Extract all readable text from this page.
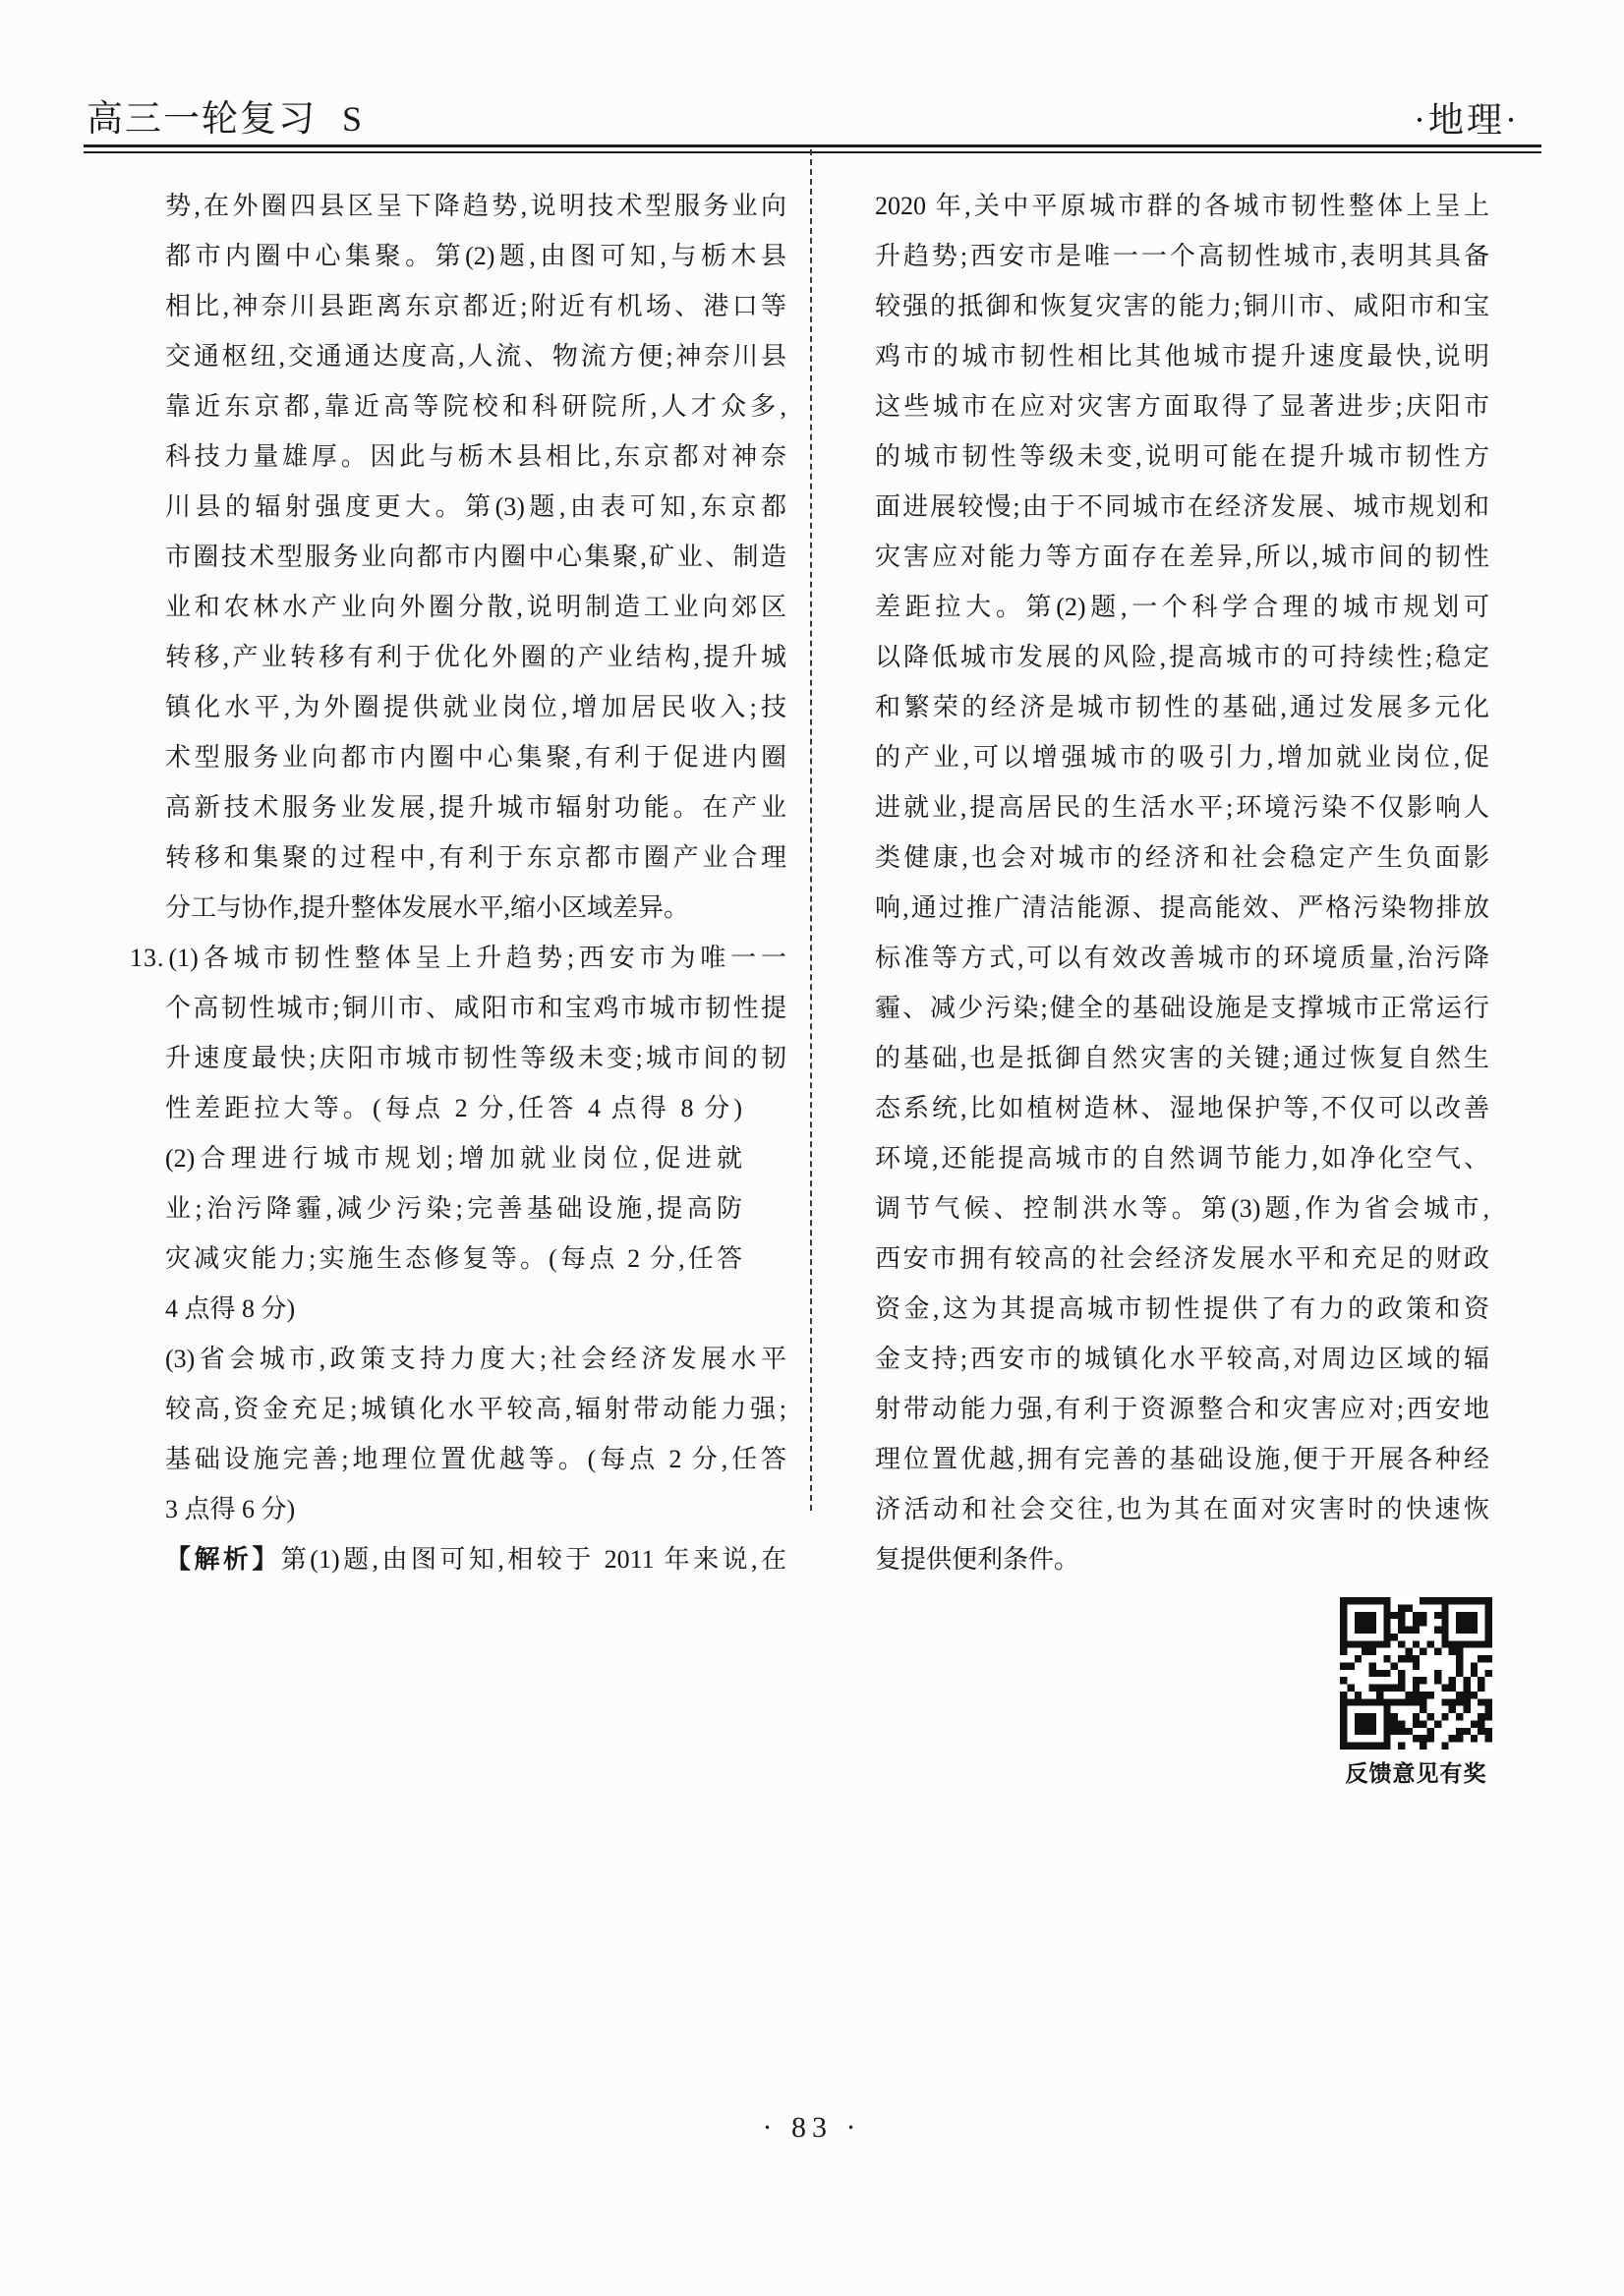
高三一轮复习 S	·地理·
势,在外圈四县区呈下降趋势,说明技术型服务业向
都市内圈中心集聚。第(2)题,由图可知,与栃木县
相比,神奈川县距离东京都近;附近有机场、港口等
交通枢纽,交通通达度高,人流、物流方便;神奈川县
靠近东京都,靠近高等院校和科研院所,人才众多,
科技力量雄厚。因此与栃木县相比,东京都对神奈
川县的辐射强度更大。第(3)题,由表可知,东京都
市圈技术型服务业向都市内圈中心集聚,矿业、制造
业和农林水产业向外圈分散,说明制造工业向郊区
转移,产业转移有利于优化外圈的产业结构,提升城
镇化水平,为外圈提供就业岗位,增加居民收入;技
术型服务业向都市内圈中心集聚,有利于促进内圈
高新技术服务业发展,提升城市辐射功能。在产业
转移和集聚的过程中,有利于东京都市圈产业合理
分工与协作,提升整体发展水平,缩小区域差异。
13. (1)各城市韧性整体呈上升趋势;西安市为唯一一
个高韧性城市;铜川市、咸阳市和宝鸡市城市韧性提
升速度最快;庆阳市城市韧性等级未变;城市间的韧
性差距拉大等。(每点 2 分,任答 4 点得 8 分)
(2)合理进行城市规划;增加就业岗位,促进就
业;治污降霾,减少污染;完善基础设施,提高防
灾减灾能力;实施生态修复等。(每点 2 分,任答
4 点得 8 分)
(3)省会城市,政策支持力度大;社会经济发展水平
较高,资金充足;城镇化水平较高,辐射带动能力强;
基础设施完善;地理位置优越等。(每点 2 分,任答
3 点得 6 分)
【解析】第(1)题,由图可知,相较于 2011 年来说,在
2020 年,关中平原城市群的各城市韧性整体上呈上
升趋势;西安市是唯一一个高韧性城市,表明其具备
较强的抵御和恢复灾害的能力;铜川市、咸阳市和宝
鸡市的城市韧性相比其他城市提升速度最快,说明
这些城市在应对灾害方面取得了显著进步;庆阳市
的城市韧性等级未变,说明可能在提升城市韧性方
面进展较慢;由于不同城市在经济发展、城市规划和
灾害应对能力等方面存在差异,所以,城市间的韧性
差距拉大。第(2)题,一个科学合理的城市规划可
以降低城市发展的风险,提高城市的可持续性;稳定
和繁荣的经济是城市韧性的基础,通过发展多元化
的产业,可以增强城市的吸引力,增加就业岗位,促
进就业,提高居民的生活水平;环境污染不仅影响人
类健康,也会对城市的经济和社会稳定产生负面影
响,通过推广清洁能源、提高能效、严格污染物排放
标准等方式,可以有效改善城市的环境质量,治污降
霾、减少污染;健全的基础设施是支撑城市正常运行
的基础,也是抵御自然灾害的关键;通过恢复自然生
态系统,比如植树造林、湿地保护等,不仅可以改善
环境,还能提高城市的自然调节能力,如净化空气、
调节气候、控制洪水等。第(3)题,作为省会城市,
西安市拥有较高的社会经济发展水平和充足的财政
资金,这为其提高城市韧性提供了有力的政策和资
金支持;西安市的城镇化水平较高,对周边区域的辐
射带动能力强,有利于资源整合和灾害应对;西安地
理位置优越,拥有完善的基础设施,便于开展各种经
济活动和社会交往,也为其在面对灾害时的快速恢
复提供便利条件。
反馈意见有奖
· 83 ·
